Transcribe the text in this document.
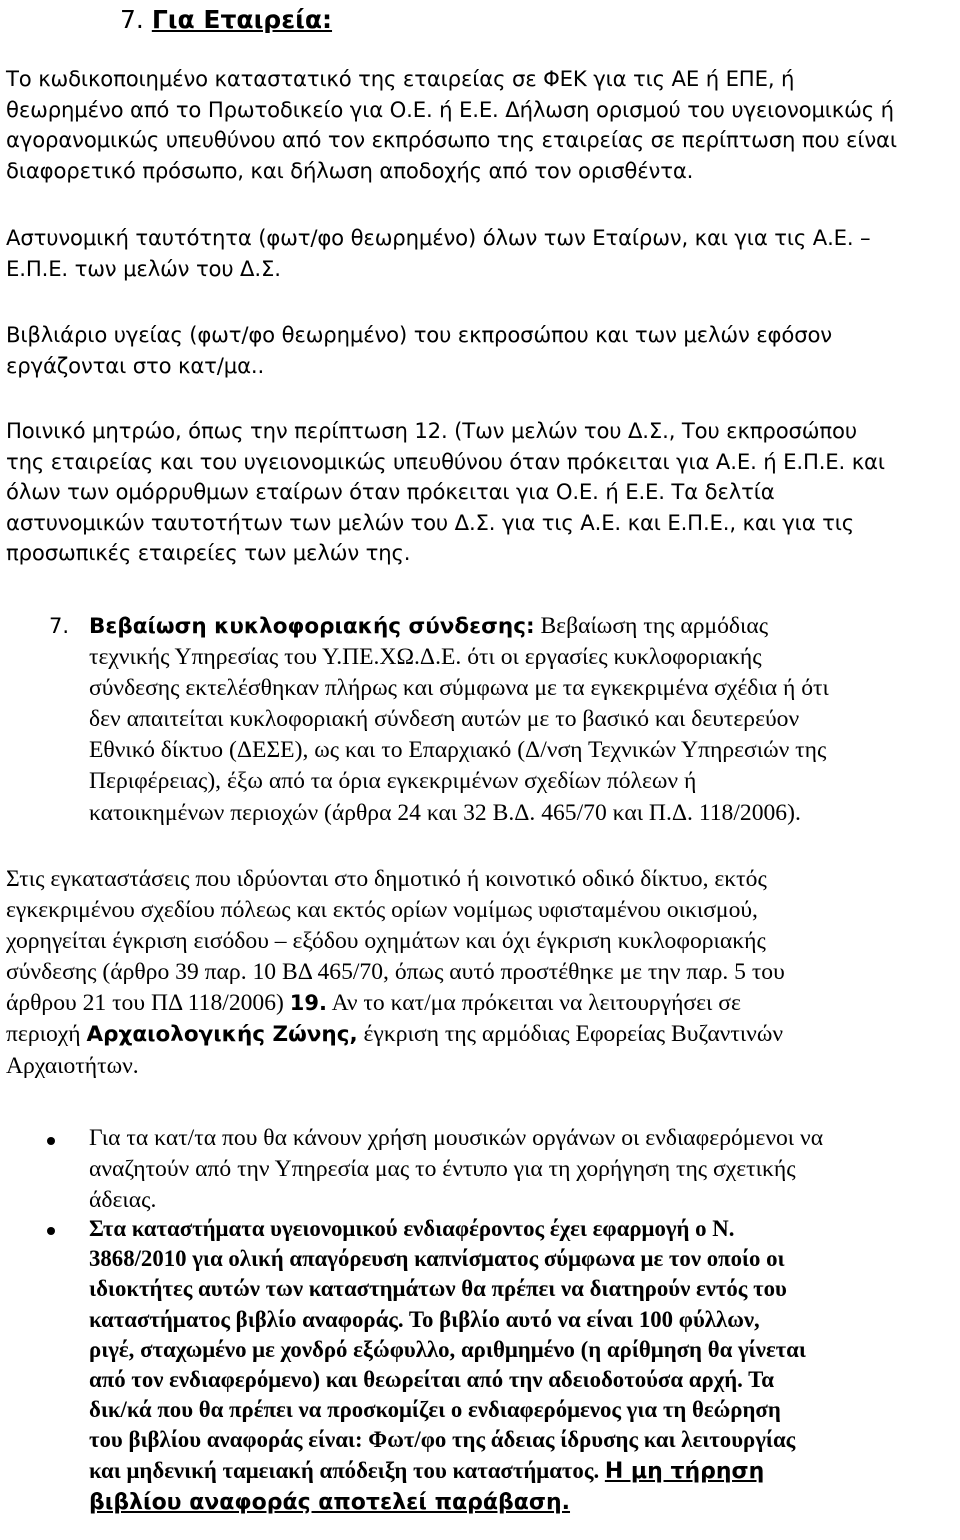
7. Για Εταιρεία:
Το κωδικοποιημένο καταστατικό της εταιρείας σε ΦΕΚ για τις ΑΕ ή ΕΠΕ, ή
θεωρημένο από το Πρωτοδικείο για Ο.Ε. ή Ε.Ε. Δήλωση ορισμού του υγειονομικώς ή
αγορανομικώς υπευθύνου από τον εκπρόσωπο της εταιρείας σε περίπτωση που είναι
διαφορετικό πρόσωπο, και δήλωση αποδοχής από τον ορισθέντα.
Αστυνομική ταυτότητα (φωτ/φο θεωρημένο) όλων των Εταίρων, και για τις Α.Ε. –
Ε.Π.Ε. των μελών του Δ.Σ.
Βιβλιάριο υγείας (φωτ/φο θεωρημένο) του εκπροσώπου και των μελών εφόσον
εργάζονται στο κατ/μα..
Ποινικό μητρώο, όπως την περίπτωση 12. (Των μελών του Δ.Σ., Του εκπροσώπου
της εταιρείας και του υγειονομικώς υπευθύνου όταν πρόκειται για Α.Ε. ή Ε.Π.Ε. και
όλων των ομόρρυθμων εταίρων όταν πρόκειται για Ο.Ε. ή Ε.Ε. Τα δελτία
αστυνομικών ταυτοτήτων των μελών του Δ.Σ. για τις Α.Ε. και Ε.Π.Ε., και για τις
προσωπικές εταιρείες των μελών της.

7. Βεβαίωση κυκλοφοριακής σύνδεσης: Βεβαίωση της αρμόδιας
τεχνικής Υπηρεσίας του Υ.ΠΕ.ΧΩ.Δ.Ε. ότι οι εργασίες κυκλοφοριακής
σύνδεσης εκτελέσθηκαν πλήρως και σύμφωνα με τα εγκεκριμένα σχέδια ή ότι
δεν απαιτείται κυκλοφοριακή σύνδεση αυτών με το βασικό και δευτερεύον
Εθνικό δίκτυο (ΔΕΣΕ), ως και το Επαρχιακό (Δ/νση Τεχνικών Υπηρεσιών της
Περιφέρειας), έξω από τα όρια εγκεκριμένων σχεδίων πόλεων ή
κατοικημένων περιοχών (άρθρα 24 και 32 Β.Δ. 465/70 και Π.Δ. 118/2006).
Στις εγκαταστάσεις που ιδρύονται στο δημοτικό ή κοινοτικό οδικό δίκτυο, εκτός
εγκεκριμένου σχεδίου πόλεως και εκτός ορίων νομίμως υφισταμένου οικισμού,
χορηγείται έγκριση εισόδου – εξόδου οχημάτων και όχι έγκριση κυκλοφοριακής
σύνδεσης (άρθρο 39 παρ. 10 ΒΔ 465/70, όπως αυτό προστέθηκε με την παρ. 5 του
άρθρου 21 του ΠΔ 118/2006) 19. Αν το κατ/μα πρόκειται να λειτουργήσει σε
περιοχή Αρχαιολογικής Ζώνης, έγκριση της αρμόδιας Εφορείας Βυζαντινών
Αρχαιοτήτων.
Για τα κατ/τα που θα κάνουν χρήση μουσικών οργάνων οι ενδιαφερόμενοι να
αναζητούν από την Υπηρεσία μας το έντυπο για τη χορήγηση της σχετικής
άδειας.
Στα καταστήματα υγειονομικού ενδιαφέροντος έχει εφαρμογή ο Ν.
3868/2010 για ολική απαγόρευση καπνίσματος σύμφωνα με τον οποίο οι
ιδιοκτήτες αυτών των καταστημάτων θα πρέπει να διατηρούν εντός του
καταστήματος βιβλίο αναφοράς. Το βιβλίο αυτό να είναι 100 φύλλων,
ριγέ, σταχωμένο με χονδρό εξώφυλλο, αριθμημένο (η αρίθμηση θα γίνεται
από τον ενδιαφερόμενο) και θεωρείται από την αδειοδοτούσα αρχή. Τα
δικ/κά που θα πρέπει να προσκομίζει ο ενδιαφερόμενος για τη θεώρηση
του βιβλίου αναφοράς είναι: Φωτ/φο της άδειας ίδρυσης και λειτουργίας
και μηδενική ταμειακή απόδειξη του καταστήματος. Η μη τήρηση
βιβλίου αναφοράς αποτελεί παράβαση.
